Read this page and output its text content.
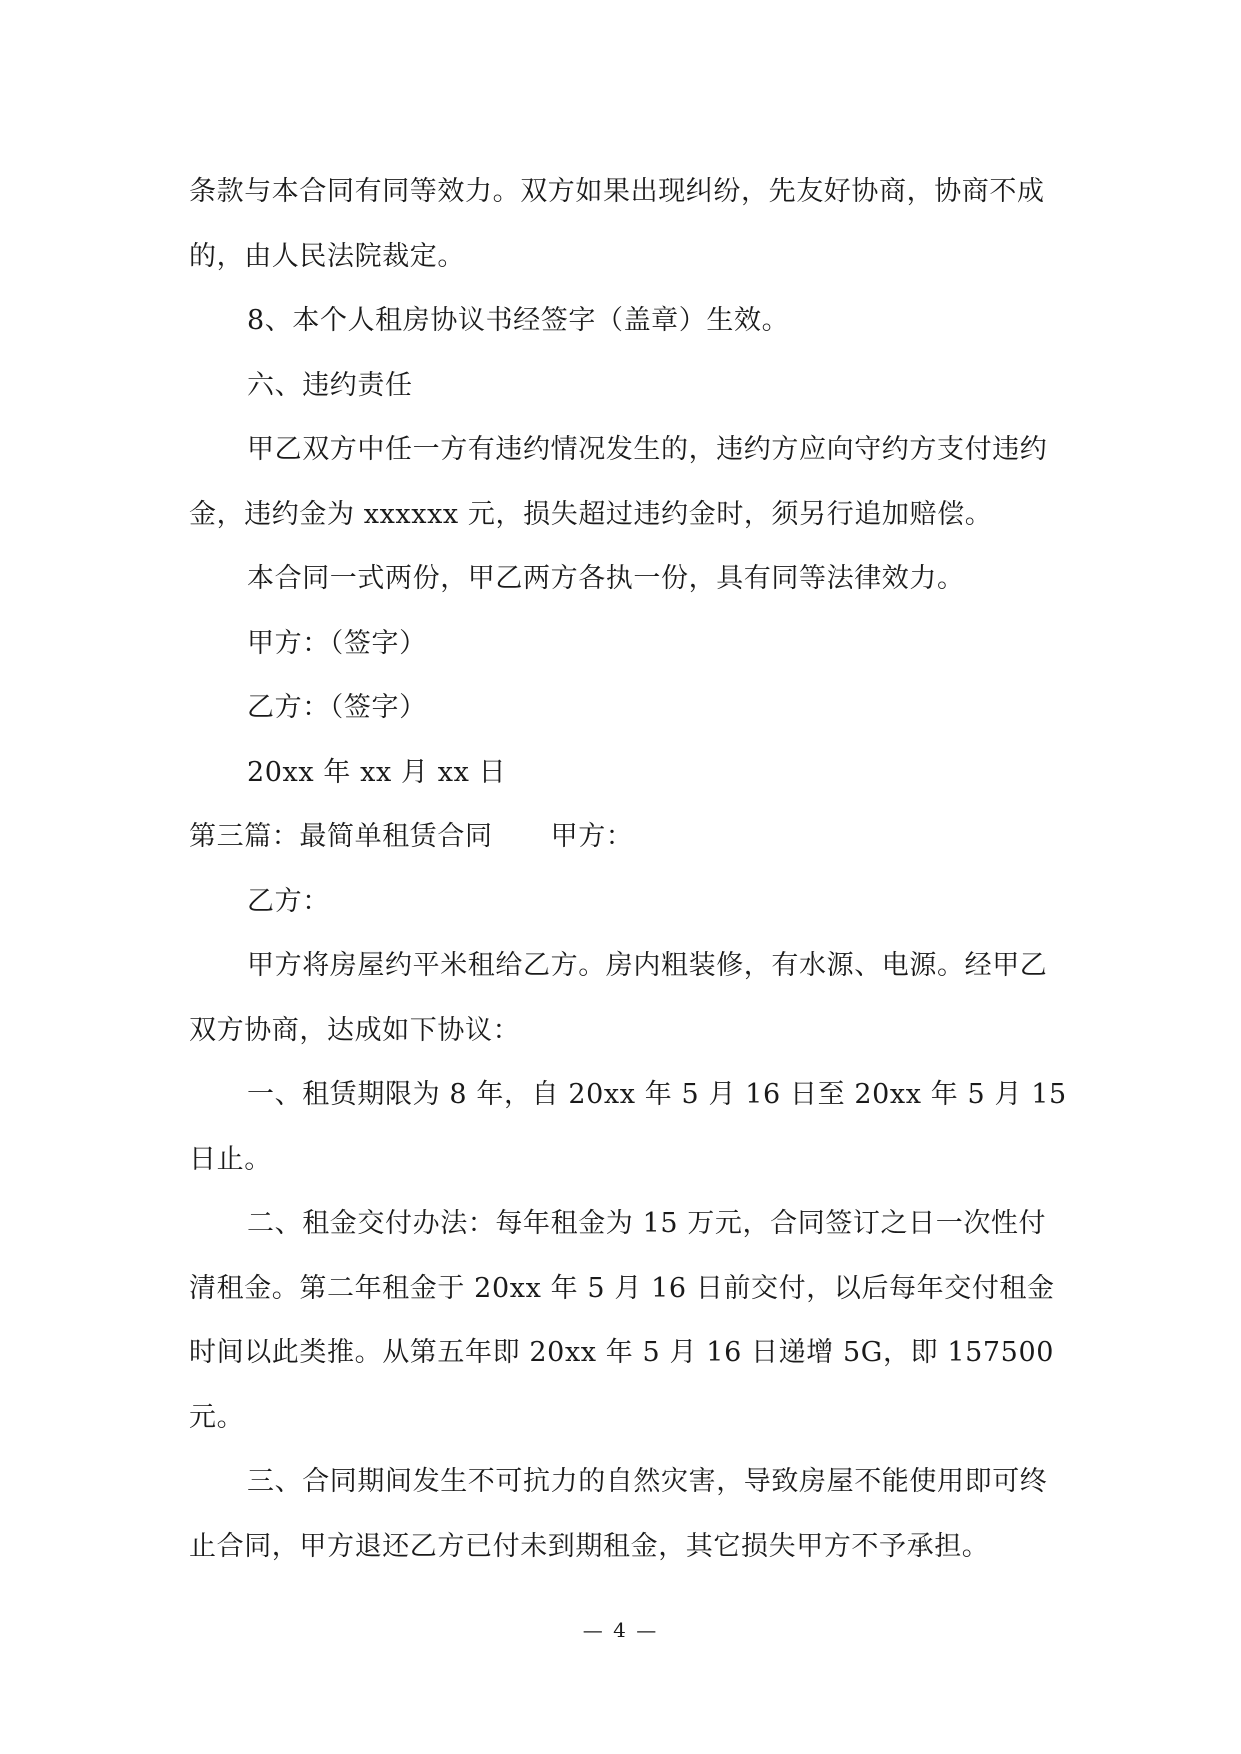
条款与本合同有同等效力。双方如果出现纠纷，先友好协商，协商不成的，由人民法院裁定。

8、本个人租房协议书经签字（盖章）生效。

六、违约责任

甲乙双方中任一方有违约情况发生的，违约方应向守约方支付违约金，违约金为 xxxxxx 元，损失超过违约金时，须另行追加赔偿。

本合同一式两份，甲乙两方各执一份，具有同等法律效力。

甲方：（签字）

乙方：（签字）

20xx 年 xx 月 xx 日

第三篇：最简单租赁合同 甲方：

乙方：

甲方将房屋约平米租给乙方。房内粗装修，有水源、电源。经甲乙双方协商，达成如下协议：

一、租赁期限为 8 年，自 20xx 年 5 月 16 日至 20xx 年 5 月 15 日止。

二、租金交付办法：每年租金为 15 万元，合同签订之日一次性付清租金。第二年租金于 20xx 年 5 月 16 日前交付，以后每年交付租金时间以此类推。从第五年即 20xx 年 5 月 16 日递增 5G，即 157500 元。

三、合同期间发生不可抗力的自然灾害，导致房屋不能使用即可终止合同，甲方退还乙方已付未到期租金，其它损失甲方不予承担。

— 4 —
